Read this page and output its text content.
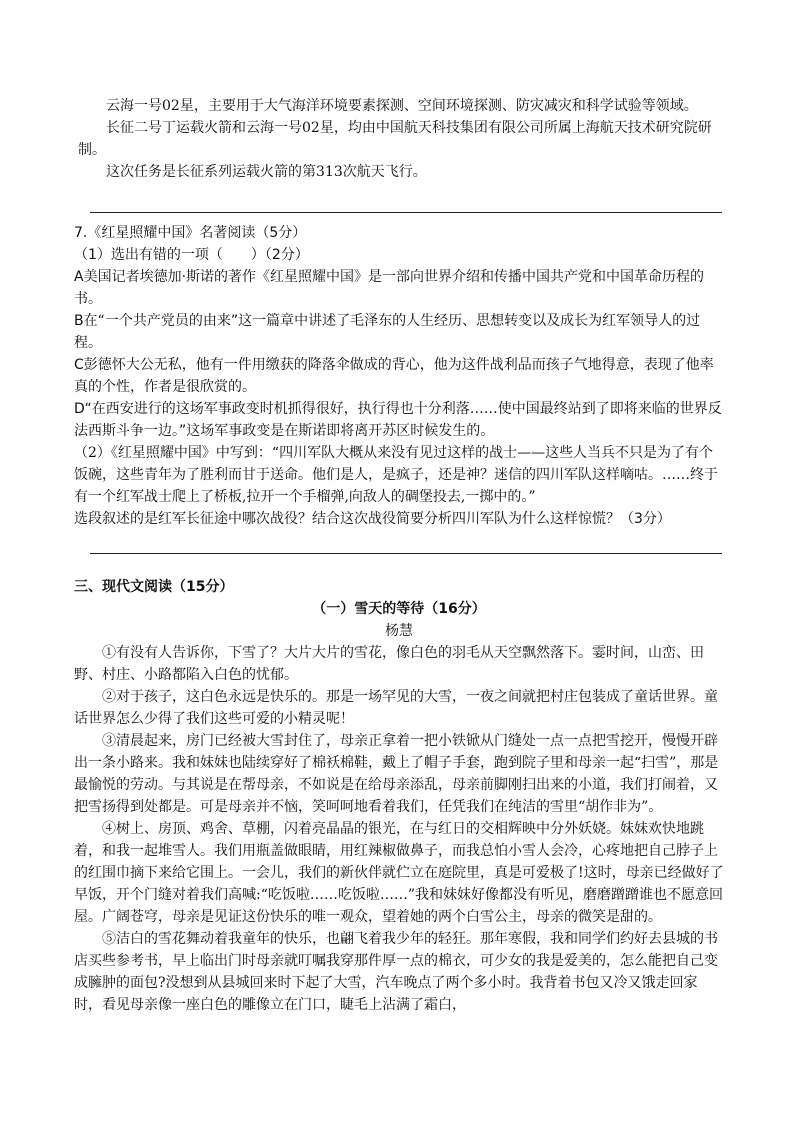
云海一号02星，主要用于大气海洋环境要素探测、空间环境探测、防灾减灾和科学试验等领域。

长征二号丁运载火箭和云海一号02星，均由中国航天科技集团有限公司所属上海航天技术研究院研制。

这次任务是长征系列运载火箭的第313次航天飞行。

7.《红星照耀中国》名著阅读（5分）

（1）选出有错的一项（　　）（2分）

A美国记者埃德加·斯诺的著作《红星照耀中国》是一部向世界介绍和传播中国共产党和中国革命历程的书。

B在“一个共产党员的由来”这一篇章中讲述了毛泽东的人生经历、思想转变以及成长为红军领导人的过程。

C彭德怀大公无私，他有一件用缴获的降落伞做成的背心，他为这件战利品而孩子气地得意，表现了他率真的个性，作者是很欣赏的。

D“在西安进行的这场军事政变时机抓得很好，执行得也十分利落……使中国最终站到了即将来临的世界反法西斯斗争一边。”这场军事政变是在斯诺即将离开苏区时候发生的。

（2）《红星照耀中国》中写到：“四川军队大概从来没有见过这样的战士——这些人当兵不只是为了有个饭碗，这些青年为了胜利而甘于送命。他们是人，是疯子，还是神？迷信的四川军队这样嘀咕。……终于有一个红军战士爬上了桥板,拉开一个手榴弹,向敌人的碉堡投去,一掷中的。”

选段叙述的是红军长征途中哪次战役？结合这次战役简要分析四川军队为什么这样惊慌？（3分）

三、现代文阅读（15分）

（一）雪天的等待（16分）

杨慧

①有没有人告诉你，下雪了？大片大片的雪花，像白色的羽毛从天空飘然落下。霎时间，山峦、田野、村庄、小路都陷入白色的忧郁。

②对于孩子，这白色永远是快乐的。那是一场罕见的大雪，一夜之间就把村庄包装成了童话世界。童话世界怎么少得了我们这些可爱的小精灵呢！

③清晨起来，房门已经被大雪封住了，母亲正拿着一把小铁锨从门缝处一点一点把雪挖开，慢慢开辟出一条小路来。我和妹妹也陆续穿好了棉袄棉鞋，戴上了帽子手套，跑到院子里和母亲一起“扫雪”，那是最愉悦的劳动。与其说是在帮母亲，不如说是在给母亲添乱，母亲前脚刚扫出来的小道，我们打闹着，又把雪扬得到处都是。可是母亲并不恼，笑呵呵地看着我们，任凭我们在纯洁的雪里“胡作非为”。

④树上、房顶、鸡舍、草棚，闪着亮晶晶的银光，在与红日的交相辉映中分外妖娆。妹妹欢快地跳着，和我一起堆雪人。我们用瓶盖做眼睛，用红辣椒做鼻子，而我总怕小雪人会冷，心疼地把自己脖子上的红围巾摘下来给它围上。一会儿，我们的新伙伴就伫立在庭院里，真是可爱极了!这时，母亲已经做好了早饭，开个门缝对着我们高喊:“吃饭啦……吃饭啦……”我和妹妹好像都没有听见，磨磨蹭蹭谁也不愿意回屋。广阔苍穹，母亲是见证这份快乐的唯一观众，望着她的两个白雪公主，母亲的微笑是甜的。

⑤洁白的雪花舞动着我童年的快乐，也翩飞着我少年的轻狂。那年寒假，我和同学们约好去县城的书店买些参考书，早上临出门时母亲就叮嘱我穿那件厚一点的棉衣，可少女的我是爱美的，怎么能把自己变成臃肿的面包?没想到从县城回来时下起了大雪，汽车晚点了两个多小时。我背着书包又冷又饿走回家时，看见母亲像一座白色的雕像立在门口，睫毛上沾满了霜白，
